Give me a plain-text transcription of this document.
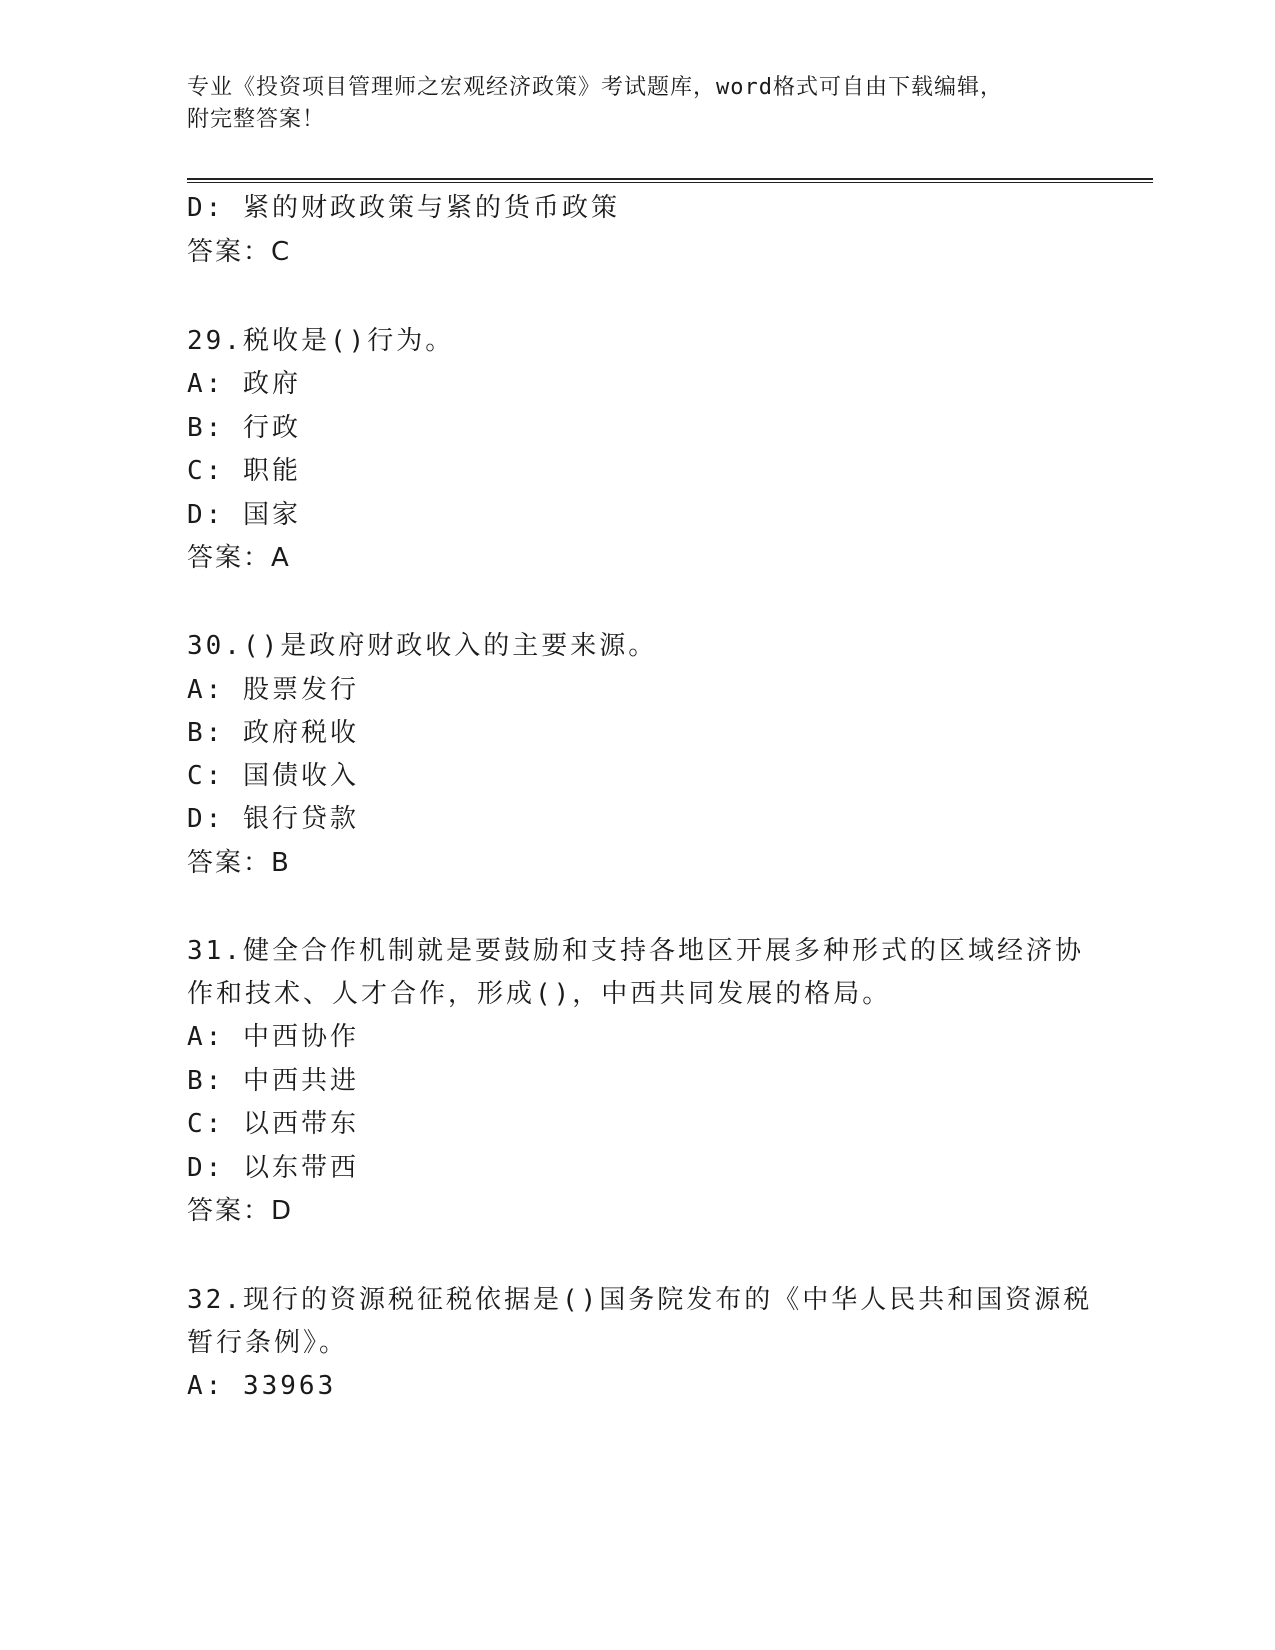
专业《投资项目管理师之宏观经济政策》考试题库，word格式可自由下载编辑，
附完整答案！
D: 紧的财政政策与紧的货币政策
答案：C
29.税收是()行为。
A: 政府
B: 行政
C: 职能
D: 国家
答案：A
30.()是政府财政收入的主要来源。
A: 股票发行
B: 政府税收
C: 国债收入
D: 银行贷款
答案：B
31.健全合作机制就是要鼓励和支持各地区开展多种形式的区域经济协
作和技术、人才合作，形成()，中西共同发展的格局。
A: 中西协作
B: 中西共进
C: 以西带东
D: 以东带西
答案：D
32.现行的资源税征税依据是()国务院发布的《中华人民共和国资源税
暂行条例》。
A: 33963
